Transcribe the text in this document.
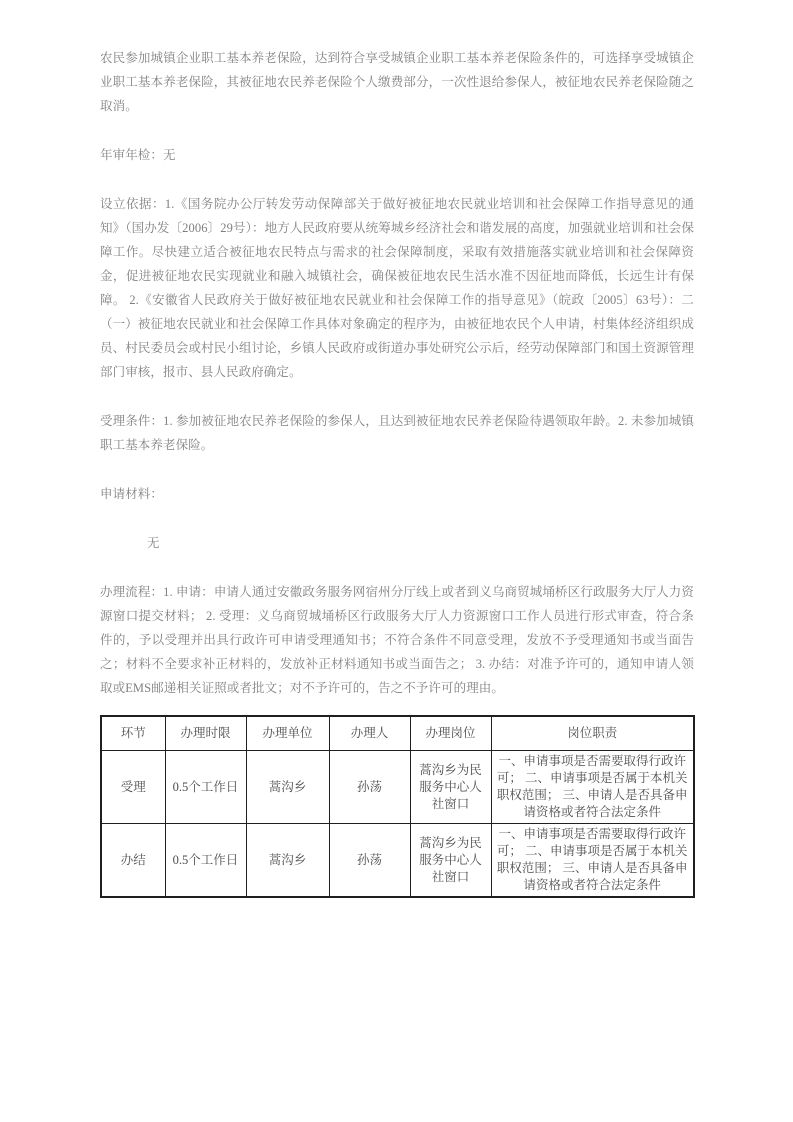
农民参加城镇企业职工基本养老保险，达到符合享受城镇企业职工基本养老保险条件的，可选择享受城镇企业职工基本养老保险，其被征地农民养老保险个人缴费部分，一次性退给参保人，被征地农民养老保险随之取消。

年审年检：无

设立依据：1.《国务院办公厅转发劳动保障部关于做好被征地农民就业培训和社会保障工作指导意见的通知》（国办发〔2006〕29号）：地方人民政府要从统筹城乡经济社会和谐发展的高度，加强就业培训和社会保障工作。尽快建立适合被征地农民特点与需求的社会保障制度，采取有效措施落实就业培训和社会保障资金，促进被征地农民实现就业和融入城镇社会，确保被征地农民生活水准不因征地而降低，长远生计有保障。 2.《安徽省人民政府关于做好被征地农民就业和社会保障工作的指导意见》（皖政〔2005〕63号）：二（一）被征地农民就业和社会保障工作具体对象确定的程序为，由被征地农民个人申请，村集体经济组织成员、村民委员会或村民小组讨论，乡镇人民政府或街道办事处研究公示后，经劳动保障部门和国土资源管理部门审核，报市、县人民政府确定。

受理条件：1. 参加被征地农民养老保险的参保人，且达到被征地农民养老保险待遇领取年龄。2. 未参加城镇职工基本养老保险。

申请材料：

无

办理流程：1. 申请：申请人通过安徽政务服务网宿州分厅线上或者到义乌商贸城埇桥区行政服务大厅人力资源窗口提交材料； 2. 受理：义乌商贸城埇桥区行政服务大厅人力资源窗口工作人员进行形式审查，符合条件的，予以受理并出具行政许可申请受理通知书；不符合条件不同意受理，发放不予受理通知书或当面告之；材料不全要求补正材料的，发放补正材料通知书或当面告之； 3. 办结：对准予许可的，通知申请人领取或EMS邮递相关证照或者批文；对不予许可的，告之不予许可的理由。

环节	办理时限	办理单位	办理人	办理岗位	岗位职责
受理	0.5个工作日	蒿沟乡	孙荡	蒿沟乡为民服务中心人社窗口	一、申请事项是否需要取得行政许可； 二、申请事项是否属于本机关职权范围； 三、申请人是否具备申请资格或者符合法定条件
办结	0.5个工作日	蒿沟乡	孙荡	蒿沟乡为民服务中心人社窗口	一、申请事项是否需要取得行政许可； 二、申请事项是否属于本机关职权范围； 三、申请人是否具备申请资格或者符合法定条件
